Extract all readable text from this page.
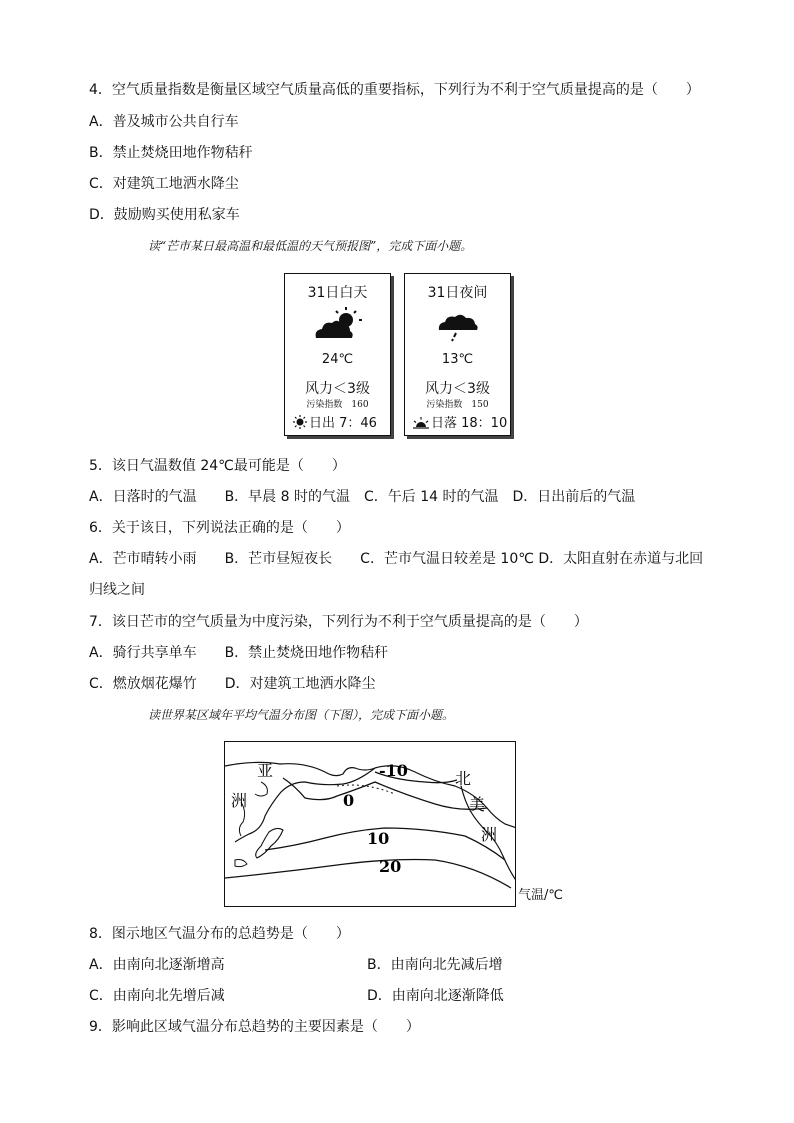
4．空气质量指数是衡量区域空气质量高低的重要指标，下列行为不利于空气质量提高的是（　　）
A．普及城市公共自行车
B．禁止焚烧田地作物秸秆
C．对建筑工地洒水降尘
D．鼓励购买使用私家车
读“芒市某日最高温和最低温的天气预报图”，完成下面小题。
31日白天
24℃
风力＜3级
污染指数　160
日出 7：46
31日夜间
13℃
风力＜3级
污染指数　150
日落 18：10
5．该日气温数值 24℃最可能是（　　）
A．日落时的气温　　B．早晨 8 时的气温　C．午后 14 时的气温　D．日出前后的气温
6．关于该日，下列说法正确的是（　　）
A．芒市晴转小雨　　B．芒市昼短夜长　　C．芒市气温日较差是 10℃ D．太阳直射在赤道与北回
归线之间
7．该日芒市的空气质量为中度污染，下列行为不利于空气质量提高的是（　　）
A．骑行共享单车　　B．禁止焚烧田地作物秸秆
C．燃放烟花爆竹　　D．对建筑工地洒水降尘
读世界某区域年平均气温分布图（下图），完成下面小题。
亚
洲
北
美
洲
-10
0
10
20
气温/℃
8．图示地区气温分布的总趋势是（　　）
A．由南向北逐渐增高	B．由南向北先减后增
C．由南向北先增后减	D．由南向北逐渐降低
9．影响此区域气温分布总趋势的主要因素是（　　）
